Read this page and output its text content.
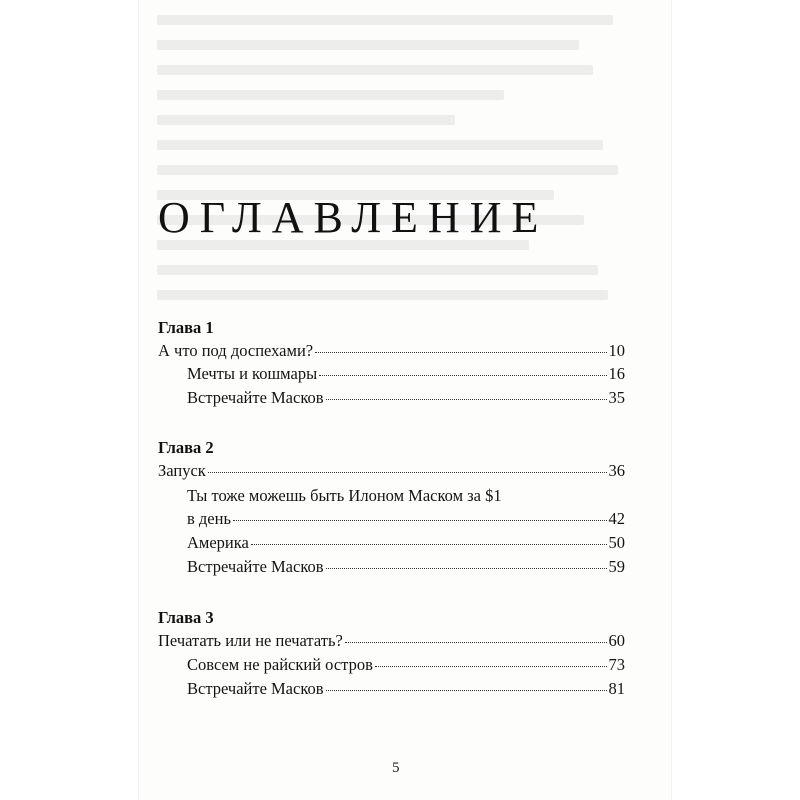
ОГЛАВЛЕНИЕ
Глава 1
А что под доспехами?	10
Мечты и кошмары	16
Встречайте Масков	35
Глава 2
Запуск	36
Ты тоже можешь быть Илоном Маском за $1
в день	42
Америка	50
Встречайте Масков	59
Глава 3
Печатать или не печатать?	60
Совсем не райский остров	73
Встречайте Масков	81
5
